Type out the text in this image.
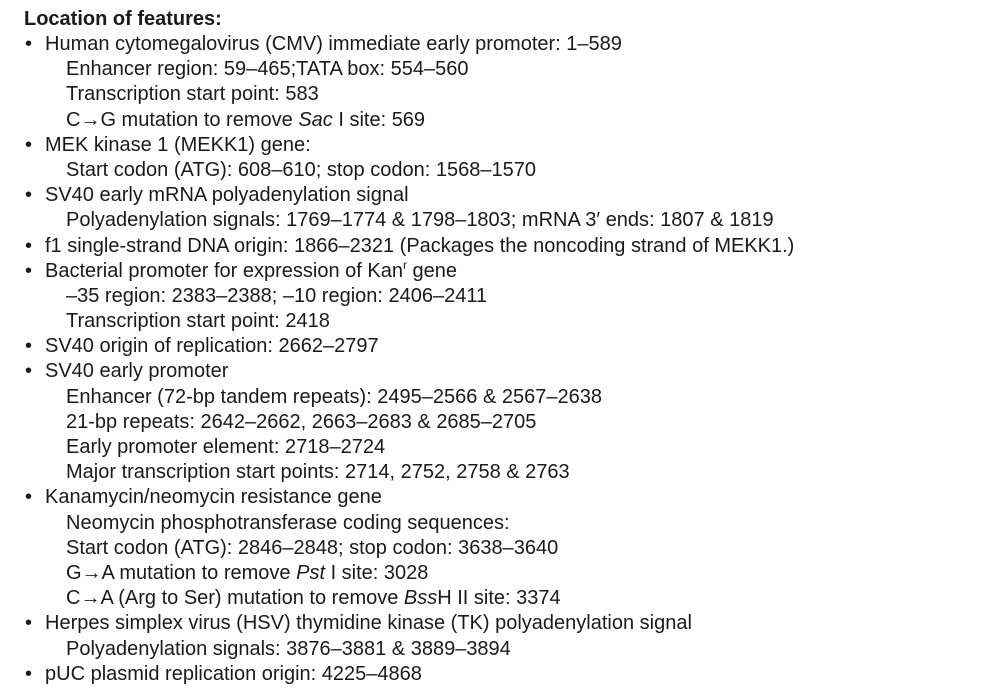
Location of features:
• Human cytomegalovirus (CMV) immediate early promoter: 1–589
Enhancer region: 59–465;TATA box: 554–560
Transcription start point: 583
C→G mutation to remove Sac I site: 569
• MEK kinase 1 (MEKK1) gene:
Start codon (ATG): 608–610; stop codon: 1568–1570
• SV40 early mRNA polyadenylation signal
Polyadenylation signals: 1769–1774 & 1798–1803; mRNA 3′ ends: 1807 & 1819
• f1 single-strand DNA origin: 1866–2321 (Packages the noncoding strand of MEKK1.)
• Bacterial promoter for expression of Kan$^r$ gene
–35 region: 2383–2388; –10 region: 2406–2411
Transcription start point: 2418
• SV40 origin of replication: 2662–2797
• SV40 early promoter
Enhancer (72-bp tandem repeats): 2495–2566 & 2567–2638
21-bp repeats: 2642–2662, 2663–2683 & 2685–2705
Early promoter element: 2718–2724
Major transcription start points: 2714, 2752, 2758 & 2763
• Kanamycin/neomycin resistance gene
Neomycin phosphotransferase coding sequences:
Start codon (ATG): 2846–2848; stop codon: 3638–3640
G→A mutation to remove Pst I site: 3028
C→A (Arg to Ser) mutation to remove BssH II site: 3374
• Herpes simplex virus (HSV) thymidine kinase (TK) polyadenylation signal
Polyadenylation signals: 3876–3881 & 3889–3894
• pUC plasmid replication origin: 4225–4868
